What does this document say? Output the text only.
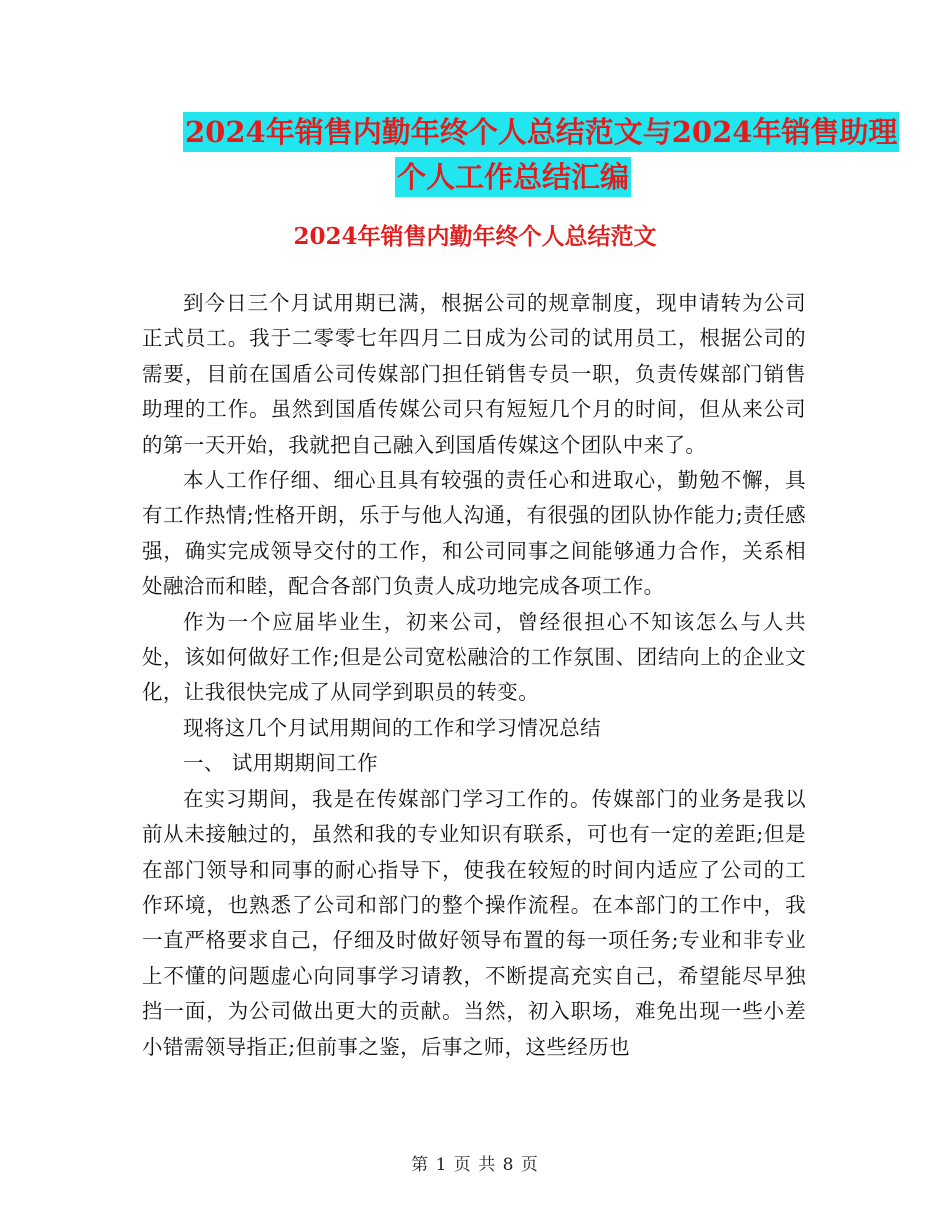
2024年销售内勤年终个人总结范文与2024年销售助理
个人工作总结汇编
2024年销售内勤年终个人总结范文

到今日三个月试用期已满，根据公司的规章制度，现申请转为公司正式员工。我于二零零七年四月二日成为公司的试用员工，根据公司的需要，目前在国盾公司传媒部门担任销售专员一职，负责传媒部门销售助理的工作。虽然到国盾传媒公司只有短短几个月的时间，但从来公司的第一天开始，我就把自己融入到国盾传媒这个团队中来了。

本人工作仔细、细心且具有较强的责任心和进取心，勤勉不懈，具有工作热情;性格开朗，乐于与他人沟通，有很强的团队协作能力;责任感强，确实完成领导交付的工作，和公司同事之间能够通力合作，关系相处融洽而和睦，配合各部门负责人成功地完成各项工作。

作为一个应届毕业生，初来公司，曾经很担心不知该怎么与人共处，该如何做好工作;但是公司宽松融洽的工作氛围、团结向上的企业文化，让我很快完成了从同学到职员的转变。

现将这几个月试用期间的工作和学习情况总结

一、 试用期期间工作

在实习期间，我是在传媒部门学习工作的。传媒部门的业务是我以前从未接触过的，虽然和我的专业知识有联系，可也有一定的差距;但是在部门领导和同事的耐心指导下，使我在较短的时间内适应了公司的工作环境，也熟悉了公司和部门的整个操作流程。在本部门的工作中，我一直严格要求自己，仔细及时做好领导布置的每一项任务;专业和非专业上不懂的问题虚心向同事学习请教，不断提高充实自己，希望能尽早独挡一面，为公司做出更大的贡献。当然，初入职场，难免出现一些小差小错需领导指正;但前事之鉴，后事之师，这些经历也

第 1 页 共 8 页
